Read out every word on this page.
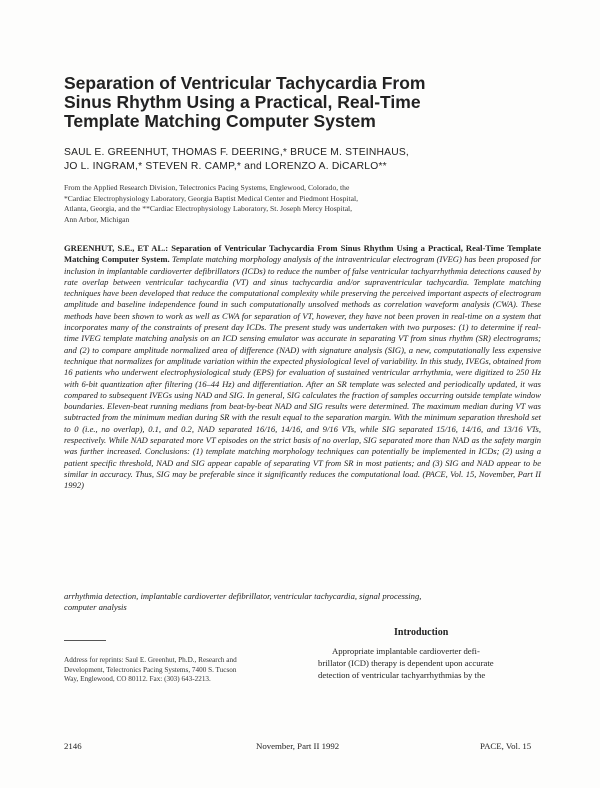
Separation of Ventricular Tachycardia From
Sinus Rhythm Using a Practical, Real-Time
Template Matching Computer System
SAUL E. GREENHUT, THOMAS F. DEERING,* BRUCE M. STEINHAUS,
JO L. INGRAM,* STEVEN R. CAMP,* and LORENZO A. DiCARLO**
From the Applied Research Division, Telectronics Pacing Systems, Englewood, Colorado, the
*Cardiac Electrophysiology Laboratory, Georgia Baptist Medical Center and Piedmont Hospital,
Atlanta, Georgia, and the **Cardiac Electrophysiology Laboratory, St. Joseph Mercy Hospital,
Ann Arbor, Michigan
GREENHUT, S.E., ET AL.: Separation of Ventricular Tachycardia From Sinus Rhythm Using a Practical, Real-Time Template Matching Computer System. Template matching morphology analysis of the intraventricular electrogram (IVEG) has been proposed for inclusion in implantable cardioverter defibrillators (ICDs) to reduce the number of false ventricular tachyarrhythmia detections caused by rate overlap between ventricular tachycardia (VT) and sinus tachycardia and/or supraventricular tachycardia. Template matching techniques have been developed that reduce the computational complexity while preserving the perceived important aspects of electrogram amplitude and baseline independence found in such computationally unsolved methods as correlation waveform analysis (CWA). These methods have been shown to work as well as CWA for separation of VT, however, they have not been proven in real-time on a system that incorporates many of the constraints of present day ICDs. The present study was undertaken with two purposes: (1) to determine if real-time IVEG template matching analysis on an ICD sensing emulator was accurate in separating VT from sinus rhythm (SR) electrograms; and (2) to compare amplitude normalized area of difference (NAD) with signature analysis (SIG), a new, computationally less expensive technique that normalizes for amplitude variation within the expected physiological level of variability. In this study, IVEGs, obtained from 16 patients who underwent electrophysiological study (EPS) for evaluation of sustained ventricular arrhythmia, were digitized to 250 Hz with 6-bit quantization after filtering (16–44 Hz) and differentiation. After an SR template was selected and periodically updated, it was compared to subsequent IVEGs using NAD and SIG. In general, SIG calculates the fraction of samples occurring outside template window boundaries. Eleven-beat running medians from beat-by-beat NAD and SIG results were determined. The maximum median during VT was subtracted from the minimum median during SR with the result equal to the separation margin. With the minimum separation threshold set to 0 (i.e., no overlap), 0.1, and 0.2, NAD separated 16/16, 14/16, and 9/16 VTs, while SIG separated 15/16, 14/16, and 13/16 VTs, respectively. While NAD separated more VT episodes on the strict basis of no overlap, SIG separated more than NAD as the safety margin was further increased. Conclusions: (1) template matching morphology techniques can potentially be implemented in ICDs; (2) using a patient specific threshold, NAD and SIG appear capable of separating VT from SR in most patients; and (3) SIG and NAD appear to be similar in accuracy. Thus, SIG may be preferable since it significantly reduces the computational load. (PACE, Vol. 15, November, Part II 1992)
arrhythmia detection, implantable cardioverter defibrillator, ventricular tachycardia, signal processing,
computer analysis
Address for reprints: Saul E. Greenhut, Ph.D., Research and
Development, Telectronics Pacing Systems, 7400 S. Tucson
Way, Englewood, CO 80112. Fax: (303) 643-2213.
Introduction
Appropriate implantable cardioverter defi-
brillator (ICD) therapy is dependent upon accurate
detection of ventricular tachyarrhythmias by the
2146	November, Part II 1992	PACE, Vol. 15
